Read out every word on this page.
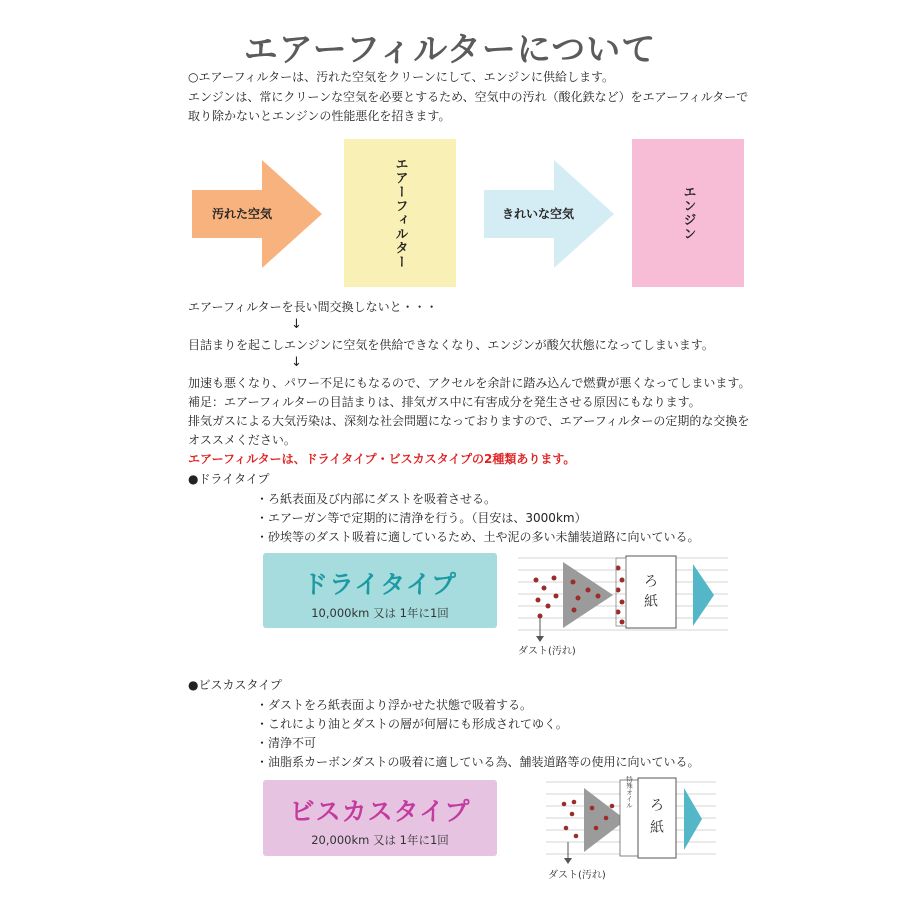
エアーフィルターについて
○エアーフィルターは、汚れた空気をクリーンにして、エンジンに供給します。
エンジンは、常にクリーンな空気を必要とするため、空気中の汚れ（酸化鉄など）をエアーフィルターで
取り除かないとエンジンの性能悪化を招きます。
汚れた空気	エアーフィルター	きれいな空気	エンジン
エアーフィルターを長い間交換しないと・・・
↓
目詰まりを起こしエンジンに空気を供給できなくなり、エンジンが酸欠状態になってしまいます。
↓
加速も悪くなり、パワー不足にもなるので、アクセルを余計に踏み込んで燃費が悪くなってしまいます。
補足：エアーフィルターの目詰まりは、排気ガス中に有害成分を発生させる原因にもなります。
排気ガスによる大気汚染は、深刻な社会問題になっておりますので、エアーフィルターの定期的な交換を
オススメください。
エアーフィルターは、ドライタイプ・ビスカスタイプの2種類あります。
●ドライタイプ
・ろ紙表面及び内部にダストを吸着させる。
・エアーガン等で定期的に清浄を行う。（目安は、3000km）
・砂埃等のダスト吸着に適しているため、土や泥の多い未舗装道路に向いている。
ドライタイプ
10,000km 又は 1年に1回
ろ
紙
ダスト(汚れ)
●ビスカスタイプ
・ダストをろ紙表面より浮かせた状態で吸着する。
・これにより油とダストの層が何層にも形成されてゆく。
・清浄不可
・油脂系カーボンダストの吸着に適している為、舗装道路等の使用に向いている。
ビスカスタイプ
20,000km 又は 1年に1回
特殊オイル ろ
紙
ダスト(汚れ)
